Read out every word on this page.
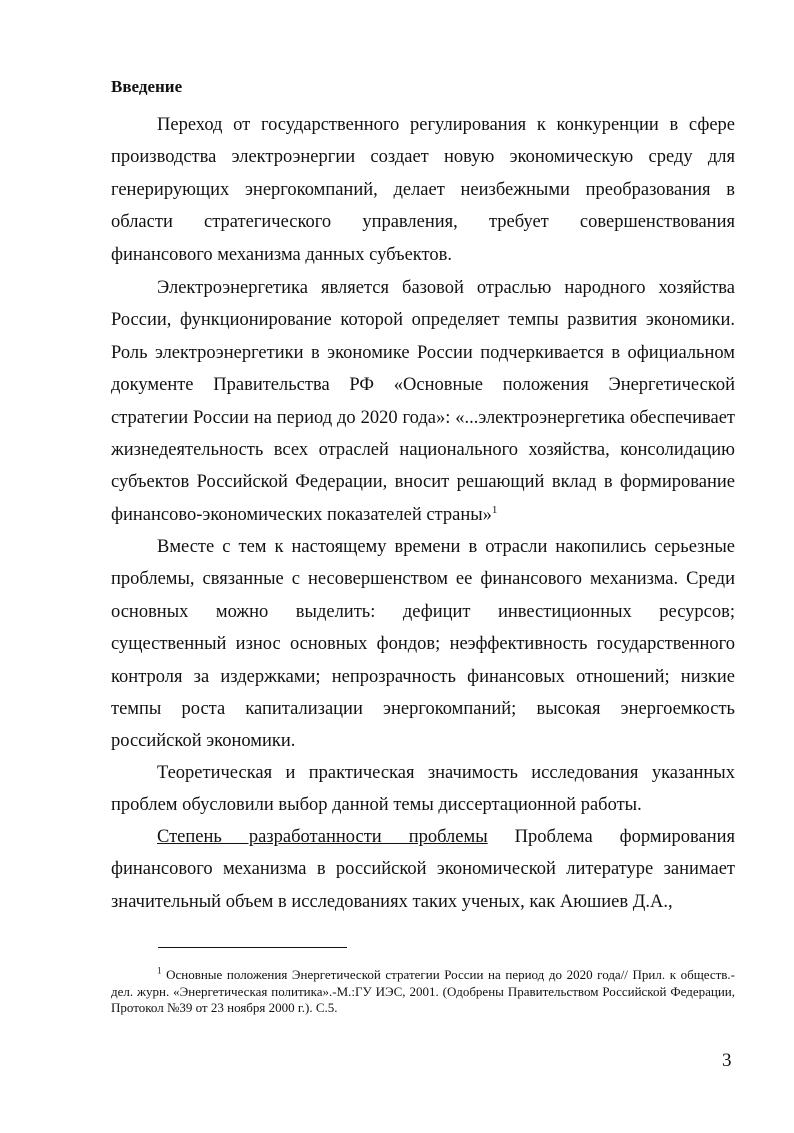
Введение

Переход от государственного регулирования к конкуренции в сфере производства электроэнергии создает новую экономическую среду для генерирующих энергокомпаний, делает неизбежными преобразования в области стратегического управления, требует совершенствования финансового механизма данных субъектов.

Электроэнергетика является базовой отраслью народного хозяйства России, функционирование которой определяет темпы развития экономики. Роль электроэнергетики в экономике России подчеркивается в официальном документе Правительства РФ «Основные положения Энергетической стратегии России на период до 2020 года»: «...электроэнергетика обеспечивает жизнедеятельность всех отраслей национального хозяйства, консолидацию субъектов Российской Федерации, вносит решающий вклад в формирование финансово-экономических показателей страны»$^1$

Вместе с тем к настоящему времени в отрасли накопились серьезные проблемы, связанные с несовершенством ее финансового механизма. Среди основных можно выделить: дефицит инвестиционных ресурсов; существенный износ основных фондов; неэффективность государственного контроля за издержками; непрозрачность финансовых отношений; низкие темпы роста капитализации энергокомпаний; высокая энергоемкость российской экономики.

Теоретическая и практическая значимость исследования указанных проблем обусловили выбор данной темы диссертационной работы.

Степень разработанности проблемы Проблема формирования финансового механизма в российской экономической литературе занимает значительный объем в исследованиях таких ученых, как Аюшиев Д.А.,

$^1$ Основные положения Энергетической стратегии России на период до 2020 года// Прил. к обществ.- дел. журн. «Энергетическая политика».-М.:ГУ ИЭС, 2001. (Одобрены Правительством Российской Федерации, Протокол №39 от 23 ноября 2000 г.). С.5.

3
